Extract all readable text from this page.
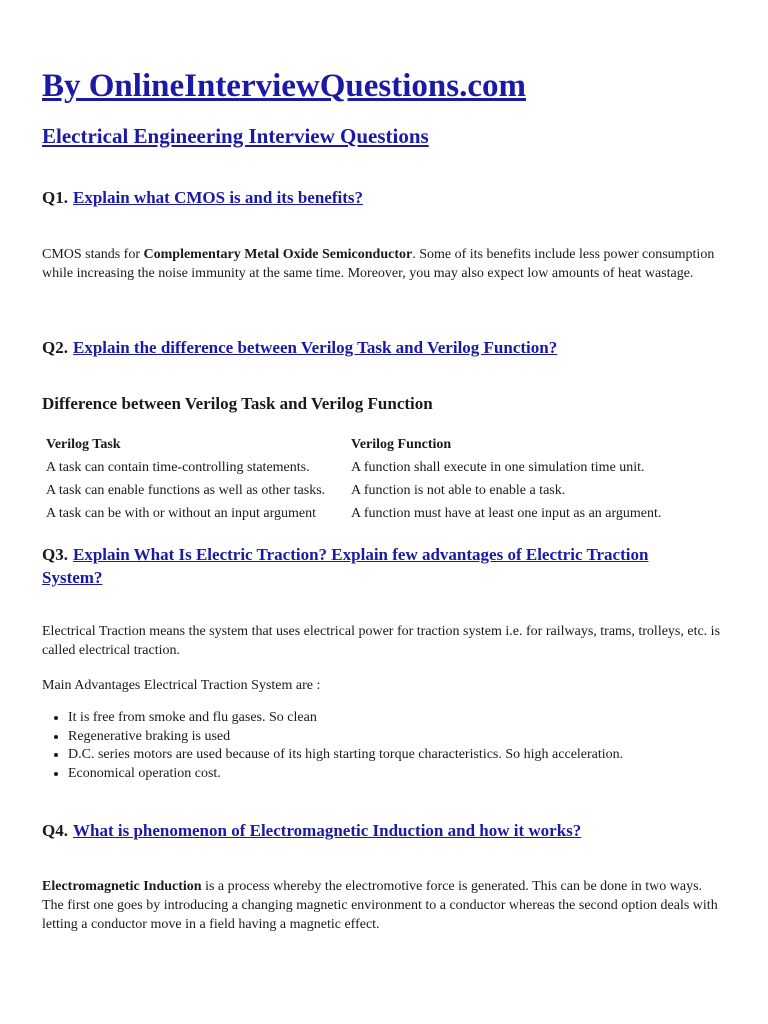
By OnlineInterviewQuestions.com
Electrical Engineering Interview Questions
Q1. Explain what CMOS is and its benefits?

CMOS stands for Complementary Metal Oxide Semiconductor. Some of its benefits include less power consumption while increasing the noise immunity at the same time. Moreover, you may also expect low amounts of heat wastage.

Q2. Explain the difference between Verilog Task and Verilog Function?
Difference between Verilog Task and Verilog Function
Verilog Task	Verilog Function
A task can contain time-controlling statements.	A function shall execute in one simulation time unit.
A task can enable functions as well as other tasks.	A function is not able to enable a task.
A task can be with or without an input argument	A function must have at least one input as an argument.
Q3. Explain What Is Electric Traction? Explain few advantages of Electric Traction System?

Electrical Traction means the system that uses electrical power for traction system i.e. for railways, trams, trolleys, etc. is called electrical traction.

Main Advantages Electrical Traction System are :

• It is free from smoke and flu gases. So clean
• Regenerative braking is used
• D.C. series motors are used because of its high starting torque characteristics. So high acceleration.
• Economical operation cost.
Q4. What is phenomenon of Electromagnetic Induction and how it works?

Electromagnetic Induction is a process whereby the electromotive force is generated. This can be done in two ways. The first one goes by introducing a changing magnetic environment to a conductor whereas the second option deals with letting a conductor move in a field having a magnetic effect.
